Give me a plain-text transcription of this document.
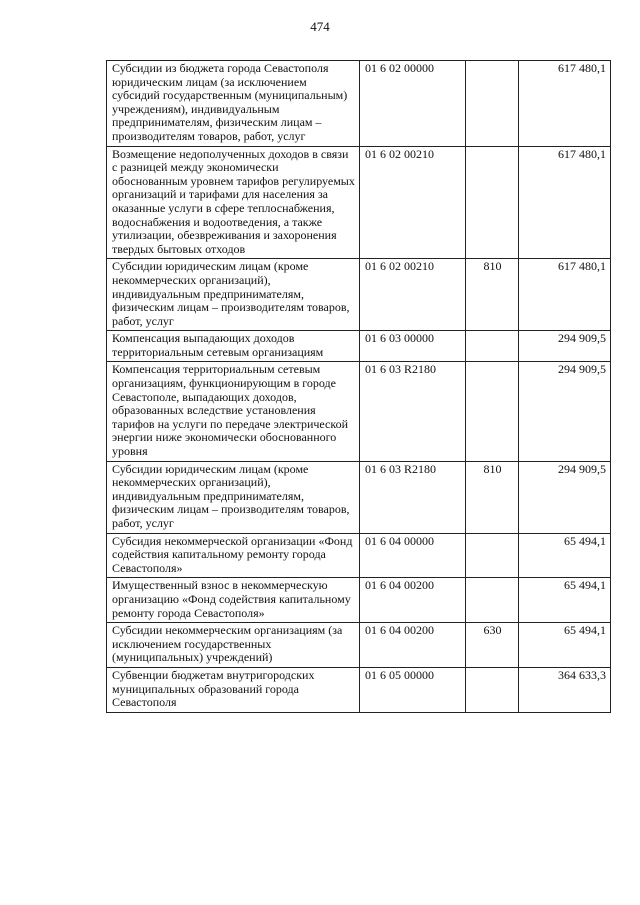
474
Субсидии из бюджета города Севастополя юридическим лицам (за исключением субсидий государственным (муниципальным) учреждениям), индивидуальным предпринимателям, физическим лицам – производителям товаров, работ, услуг	01 6 02 00000		617 480,1
Возмещение недополученных доходов в связи с разницей между экономически обоснованным уровнем тарифов регулируемых организаций и тарифами для населения за оказанные услуги в сфере теплоснабжения, водоснабжения и водоотведения, а также утилизации, обезвреживания и захоронения твердых бытовых отходов	01 6 02 00210		617 480,1
Субсидии юридическим лицам (кроме некоммерческих организаций), индивидуальным предпринимателям, физическим лицам – производителям товаров, работ, услуг	01 6 02 00210	810	617 480,1
Компенсация выпадающих доходов территориальным сетевым организациям	01 6 03 00000		294 909,5
Компенсация территориальным сетевым организациям, функционирующим в городе Севастополе, выпадающих доходов, образованных вследствие установления тарифов на услуги по передаче электрической энергии ниже экономически обоснованного уровня	01 6 03 R2180		294 909,5
Субсидии юридическим лицам (кроме некоммерческих организаций), индивидуальным предпринимателям, физическим лицам – производителям товаров, работ, услуг	01 6 03 R2180	810	294 909,5
Субсидия некоммерческой организации «Фонд содействия капитальному ремонту города Севастополя»	01 6 04 00000		65 494,1
Имущественный взнос в некоммерческую организацию «Фонд содействия капитальному ремонту города Севастополя»	01 6 04 00200		65 494,1
Субсидии некоммерческим организациям (за исключением государственных (муниципальных) учреждений)	01 6 04 00200	630	65 494,1
Субвенции бюджетам внутригородских муниципальных образований города Севастополя	01 6 05 00000		364 633,3
